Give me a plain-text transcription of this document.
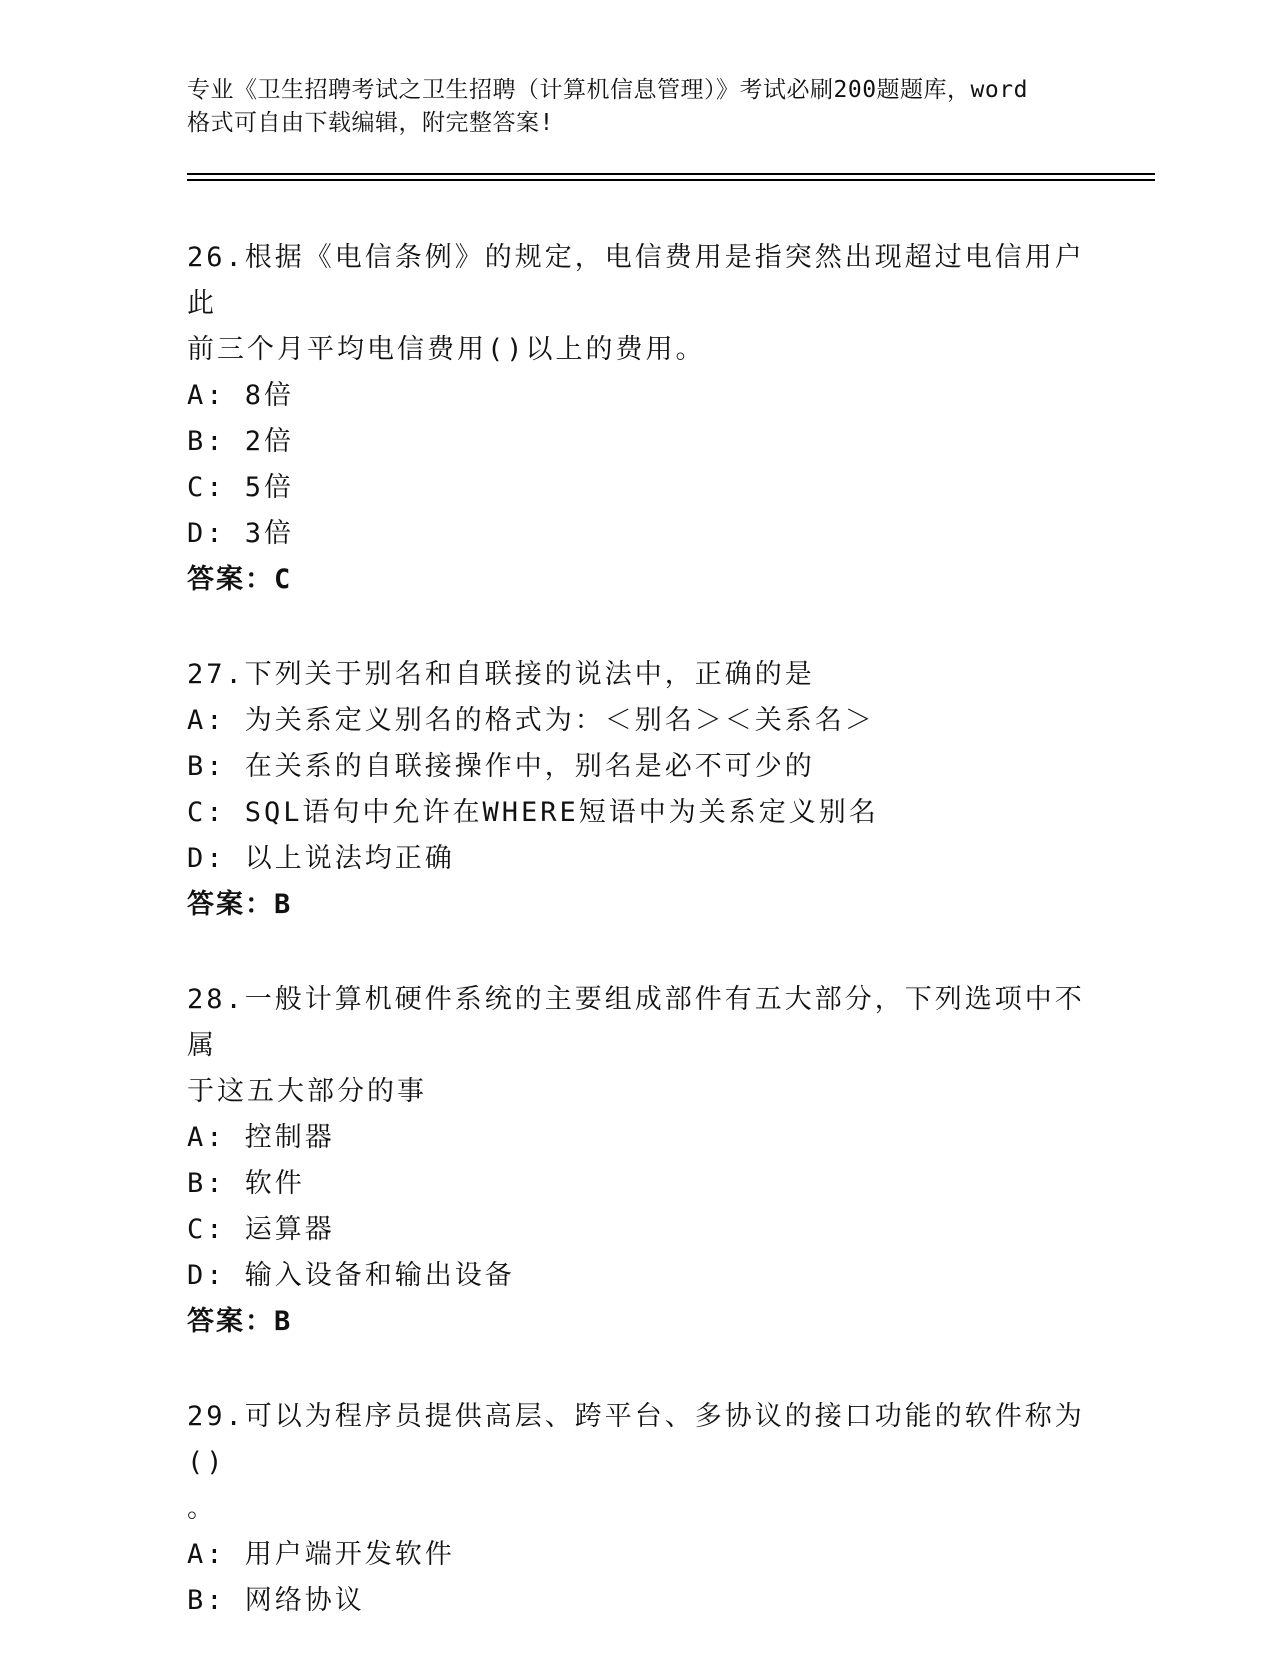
专业《卫生招聘考试之卫生招聘（计算机信息管理）》考试必刷200题题库，word
格式可自由下载编辑，附完整答案!
26.根据《电信条例》的规定，电信费用是指突然出现超过电信用户此
前三个月平均电信费用()以上的费用。
A: 8倍
B: 2倍
C: 5倍
D: 3倍
答案：C
27.下列关于别名和自联接的说法中，正确的是
A: 为关系定义别名的格式为：＜别名＞＜关系名＞
B: 在关系的自联接操作中，别名是必不可少的
C: SQL语句中允许在WHERE短语中为关系定义别名
D: 以上说法均正确
答案：B
28.一般计算机硬件系统的主要组成部件有五大部分，下列选项中不属
于这五大部分的事
A: 控制器
B: 软件
C: 运算器
D: 输入设备和输出设备
答案：B
29.可以为程序员提供高层、跨平台、多协议的接口功能的软件称为()
。
A: 用户端开发软件
B: 网络协议
